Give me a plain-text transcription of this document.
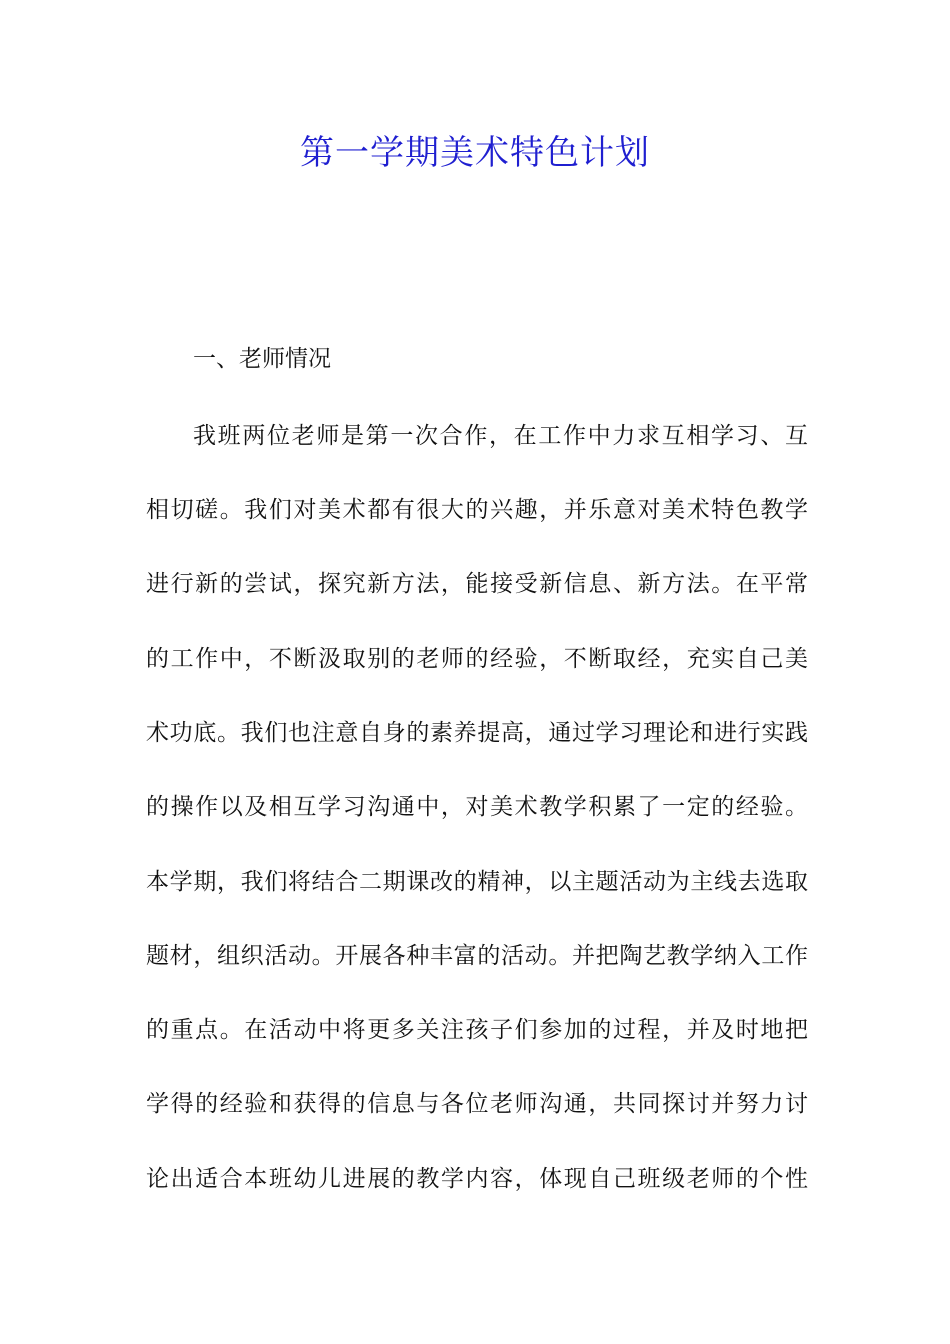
第一学期美术特色计划
一、老师情况
我班两位老师是第一次合作，在工作中力求互相学习、互
相切磋。我们对美术都有很大的兴趣，并乐意对美术特色教学
进行新的尝试，探究新方法，能接受新信息、新方法。在平常
的工作中，不断汲取别的老师的经验，不断取经，充实自己美
术功底。我们也注意自身的素养提高，通过学习理论和进行实践
的操作以及相互学习沟通中，对美术教学积累了一定的经验。
本学期，我们将结合二期课改的精神，以主题活动为主线去选取
题材，组织活动。开展各种丰富的活动。并把陶艺教学纳入工作
的重点。在活动中将更多关注孩子们参加的过程，并及时地把
学得的经验和获得的信息与各位老师沟通，共同探讨并努力讨
论出适合本班幼儿进展的教学内容，体现自己班级老师的个性
